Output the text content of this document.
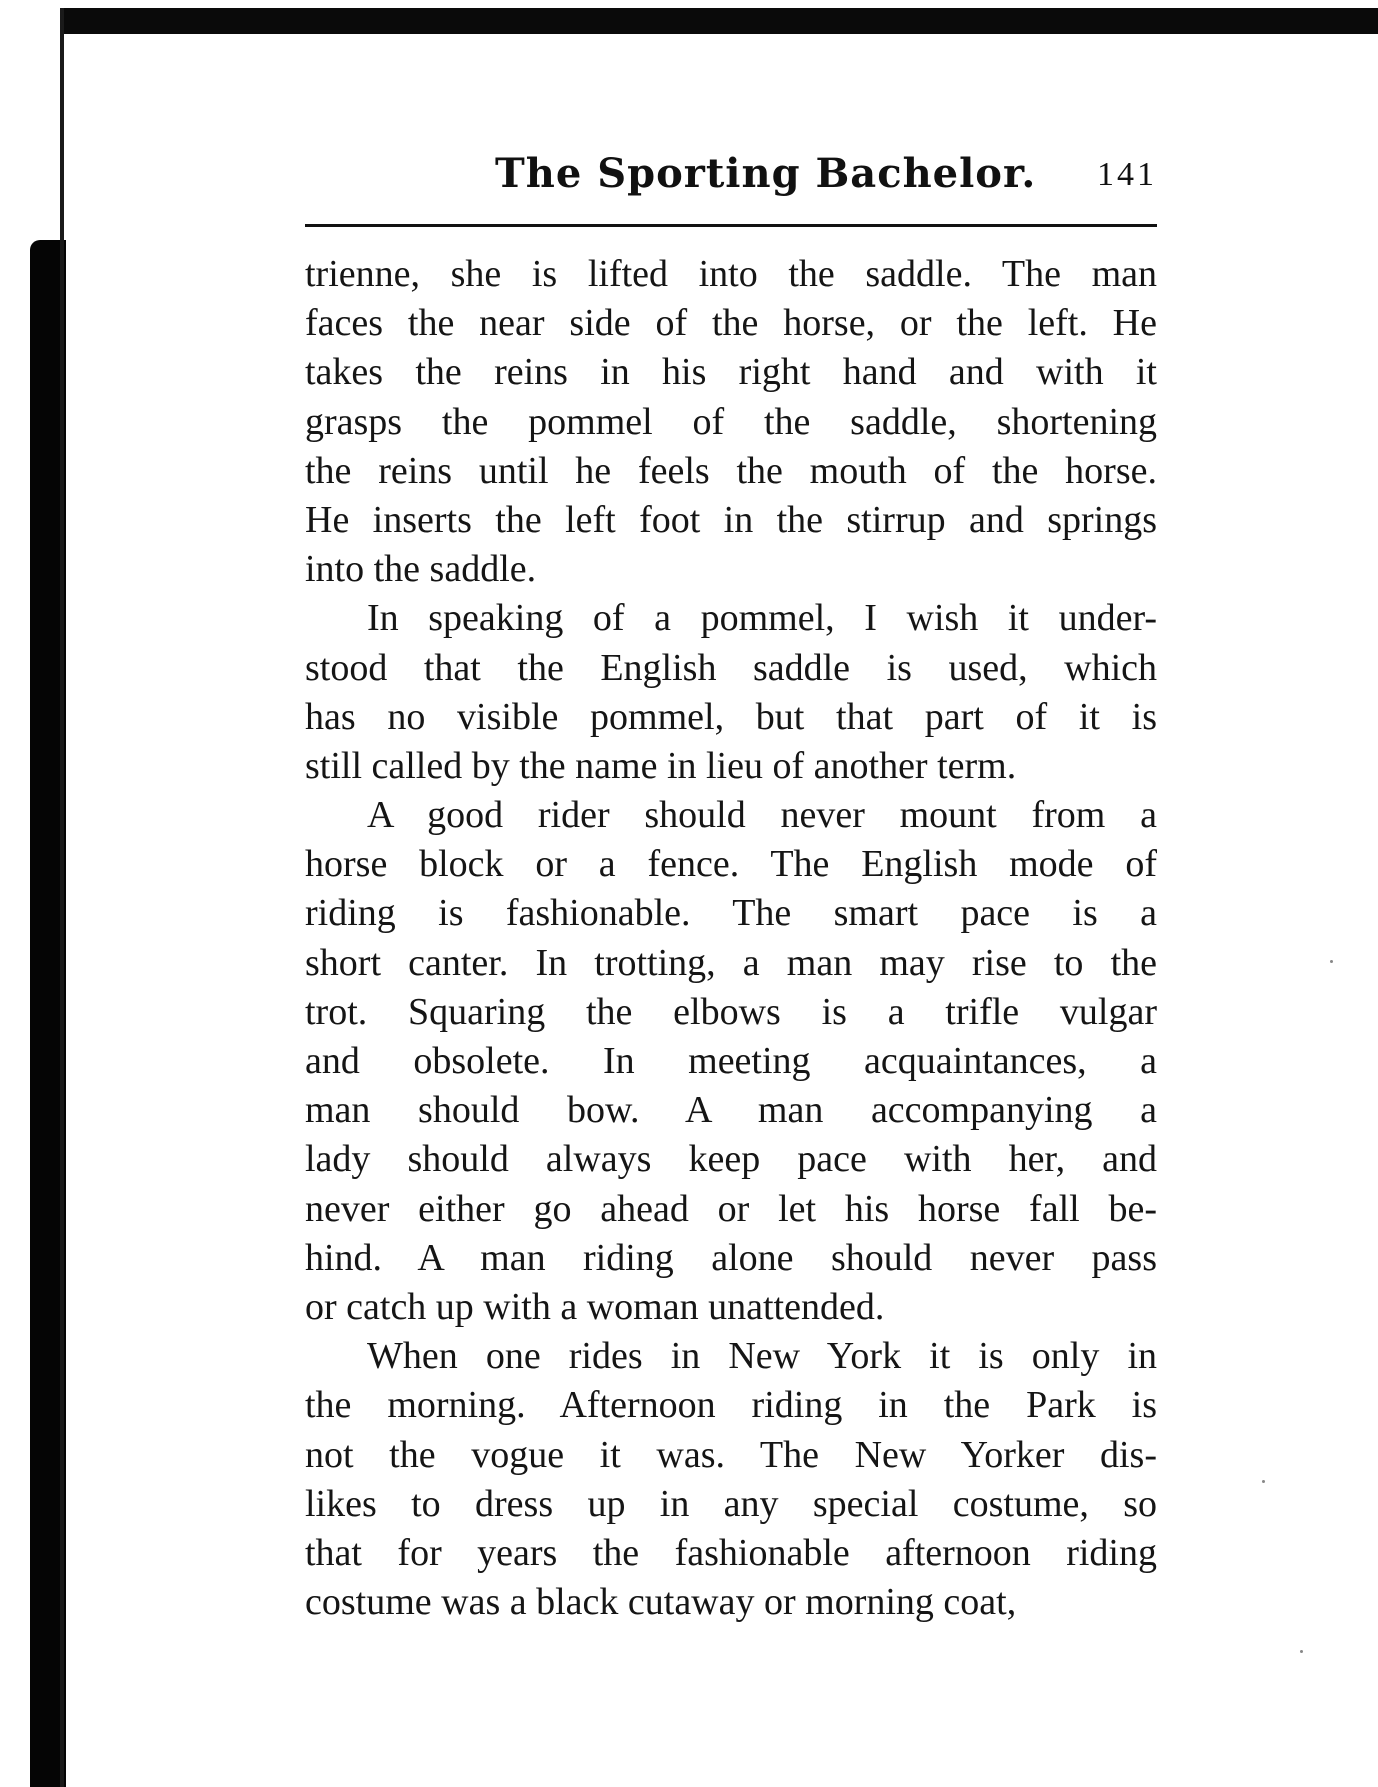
The Sporting Bachelor. 141
trienne, she is lifted into the saddle. The man
faces the near side of the horse, or the left. He
takes the reins in his right hand and with it
grasps the pommel of the saddle, shortening
the reins until he feels the mouth of the horse.
He inserts the left foot in the stirrup and springs
into the saddle.
In speaking of a pommel, I wish it under-
stood that the English saddle is used, which
has no visible pommel, but that part of it is
still called by the name in lieu of another term.
A good rider should never mount from a
horse block or a fence. The English mode of
riding is fashionable. The smart pace is a
short canter. In trotting, a man may rise to the
trot. Squaring the elbows is a trifle vulgar
and obsolete. In meeting acquaintances, a
man should bow. A man accompanying a
lady should always keep pace with her, and
never either go ahead or let his horse fall be-
hind. A man riding alone should never pass
or catch up with a woman unattended.
When one rides in New York it is only in
the morning. Afternoon riding in the Park is
not the vogue it was. The New Yorker dis-
likes to dress up in any special costume, so
that for years the fashionable afternoon riding
costume was a black cutaway or morning coat,
